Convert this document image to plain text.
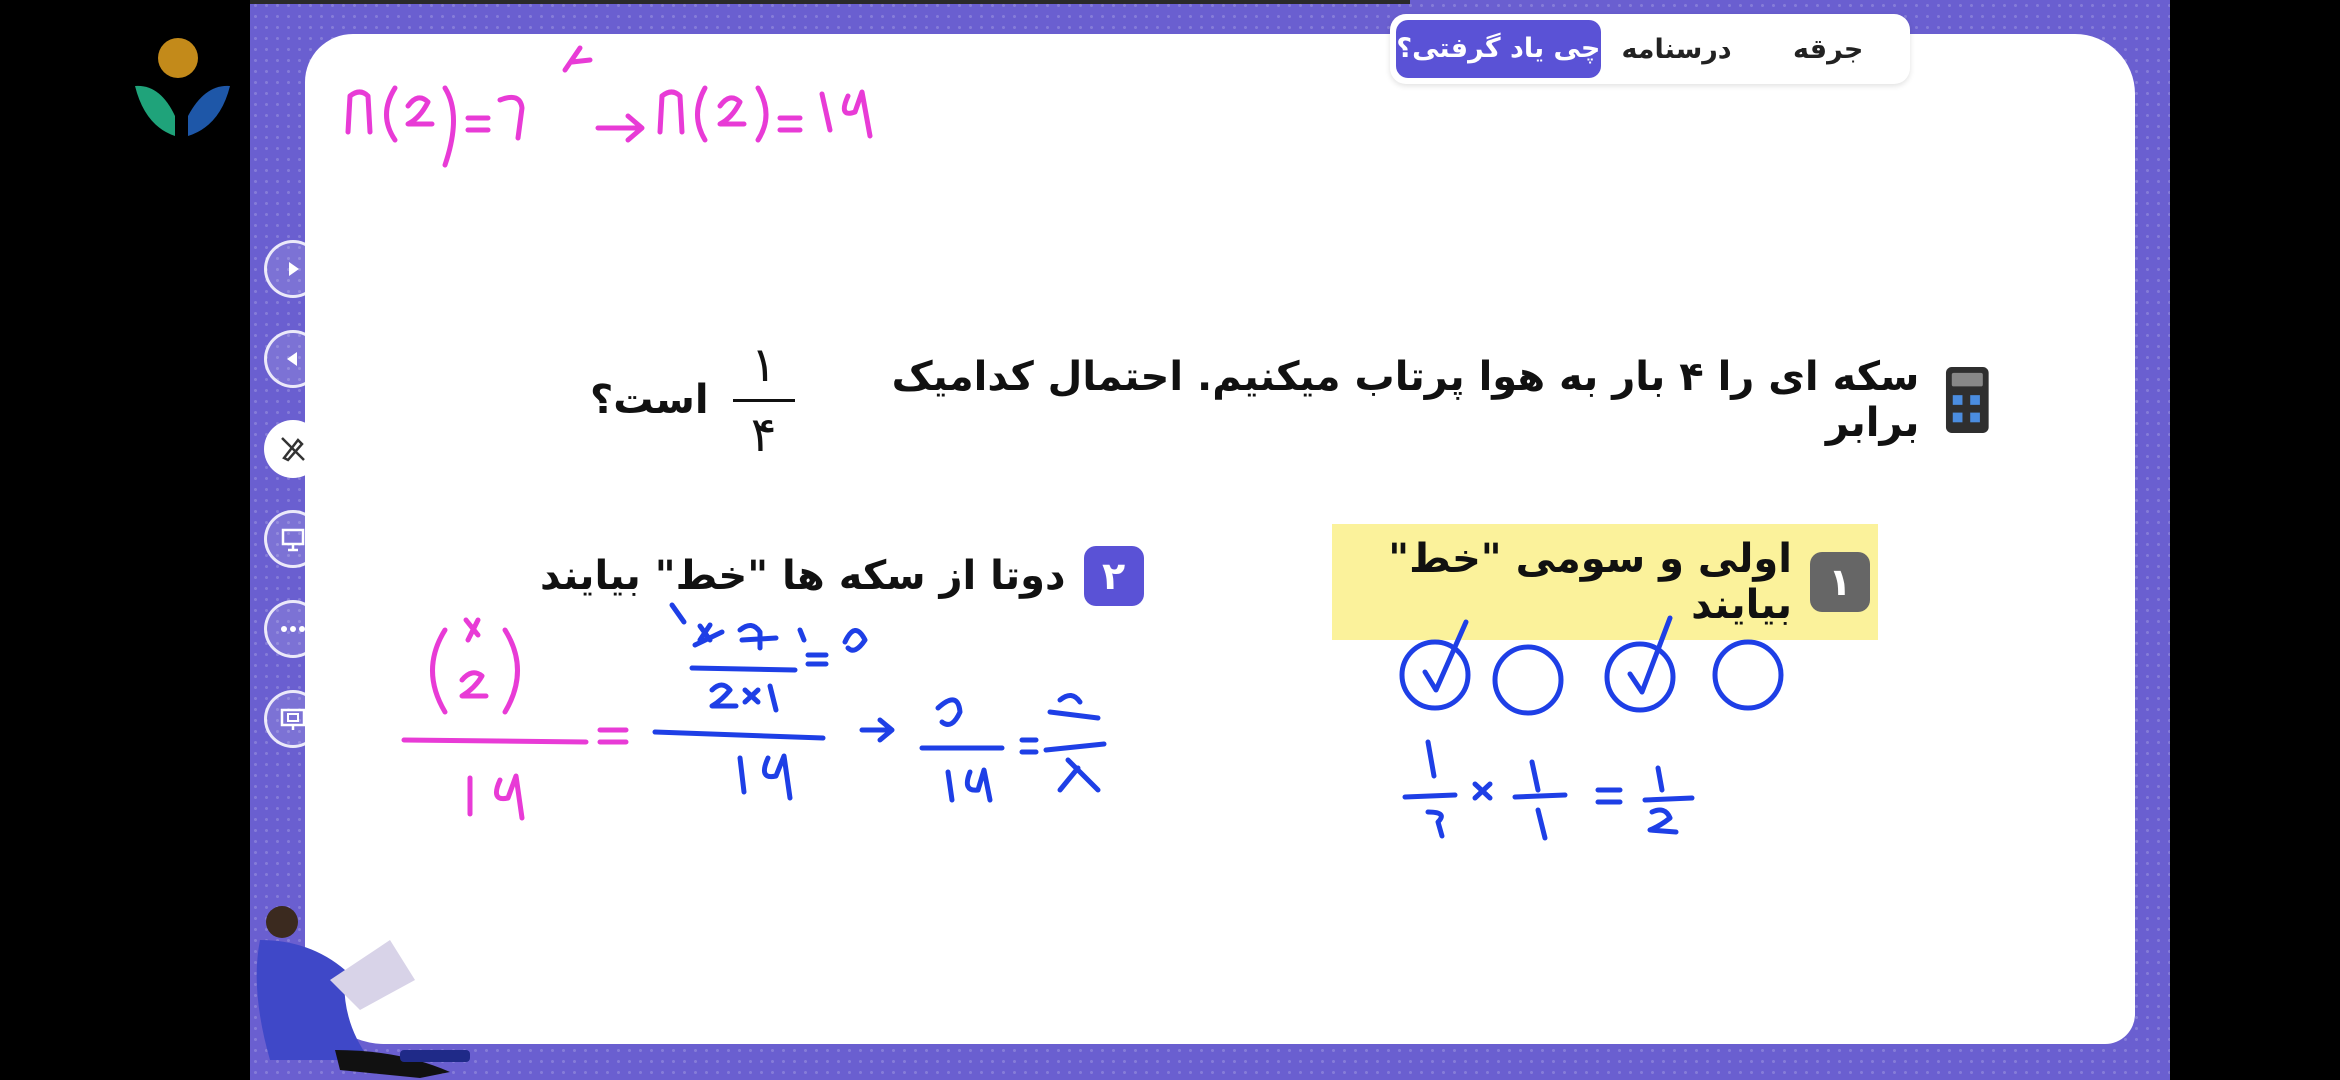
جرقه
درسنامه
چی یاد گرفتی؟
سکه ای را ۴ بار به هوا پرتاب میکنیم. احتمال کدامیک برابر
$\frac{۱}{۴}$
است؟
۱
اولی و سومی "خط" بیایند
۲
دوتا از سکه ها "خط" بیایند
